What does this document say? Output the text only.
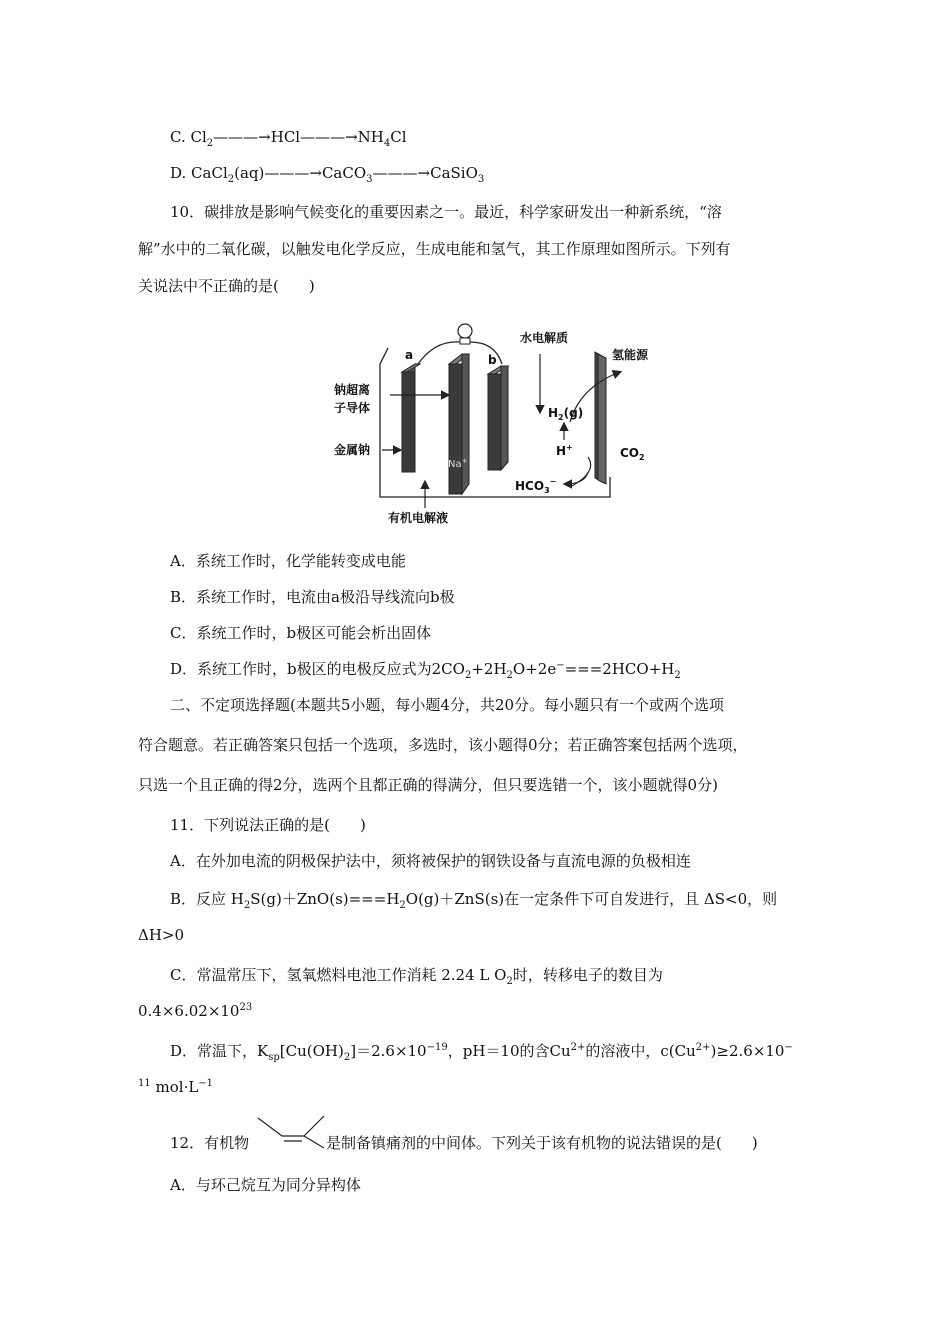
C. $Cl_2———\to HCl———\to NH_4Cl$
D. CaCl$_2$(aq)———→CaCO$_3$———→CaSiO$_3$
10．碳排放是影响气候变化的重要因素之一。最近，科学家研发出一种新系统，“溶
解”水中的二氧化碳，以触发电化学反应，生成电能和氢气，其工作原理如图所示。下列有
关说法中不正确的是(　　)
a	b
钠超离
子导体
金属钠
Na+
水电解质
氢能源
$H_2(g)$
H+	$CO_2$
$HCO_3^-$
有机电解液
A．系统工作时，化学能转变成电能
B．系统工作时，电流由a极沿导线流向b极
C．系统工作时，b极区可能会析出固体
D．系统工作时，b极区的电极反应式为$2CO_2+2H_2O+2e^-===2HCO+H_2$
二、不定项选择题(本题共5小题，每小题4分，共20分。每小题只有一个或两个选项
符合题意。若正确答案只包括一个选项，多选时，该小题得0分；若正确答案包括两个选项，
只选一个且正确的得2分，选两个且都正确的得满分，但只要选错一个，该小题就得0分)
11．下列说法正确的是(　　)
A．在外加电流的阴极保护法中，须将被保护的钢铁设备与直流电源的负极相连
B．反应 $H_2S(g)+ZnO(s)===H_2O(g)+ZnS(s)$在一定条件下可自发进行，且 ΔS<0，则
ΔH>0
C．常温常压下，氢氧燃料电池工作消耗 2.24 L $O_2$时，转移电子的数目为
$0.4\times 6.02\times 10^{23}$
D．常温下，$K_{sp}[Cu(OH)_2]=2.6\times 10^{-19}$，pH＝10的含$Cu^{2+}$的溶液中，$c(Cu^{2+})\ge 2.6\times 10^-$
$^{11}$ $mol\cdot L^{-1}$
12．有机物	是制备镇痛剂的中间体。下列关于该有机物的说法错误的是(　　)
A．与环己烷互为同分异构体
